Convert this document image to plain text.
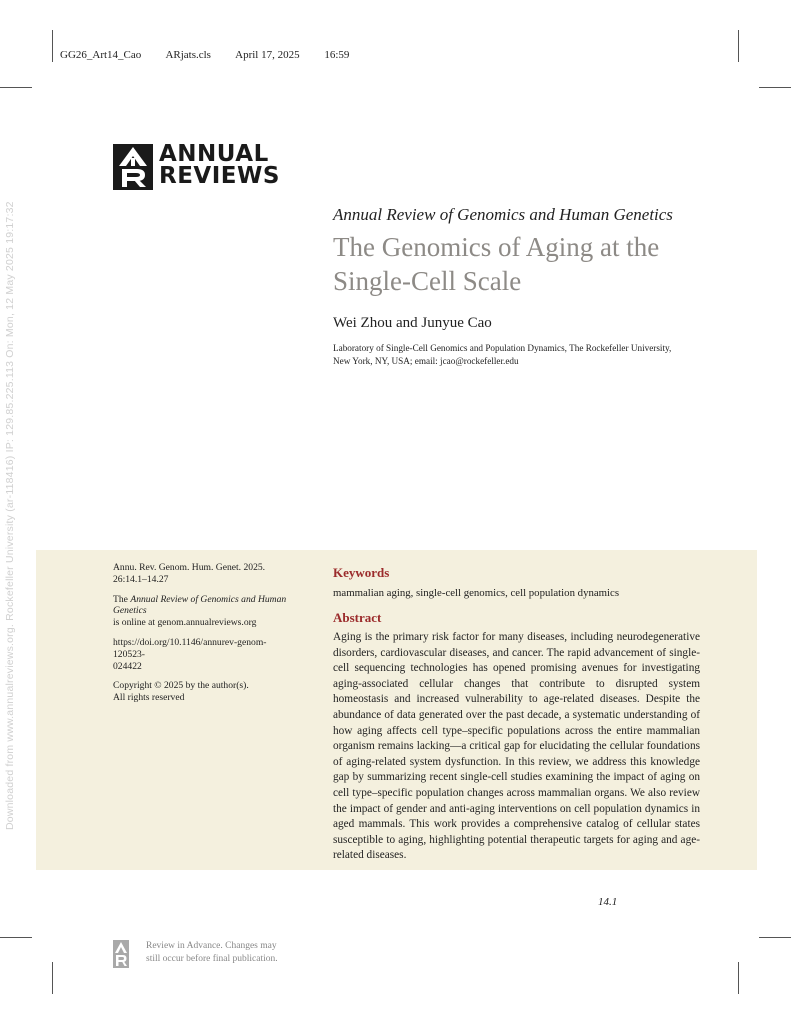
GG26_Art14_Cao ARjats.cls April 17, 2025 16:59
ANNUAL
REVIEWS
Downloaded from www.annualreviews.org. Rockefeller University (ar-118416) IP: 129.85.225.113 On: Mon, 12 May 2025 19:17:32	Annual Review of Genomics and Human Genetics
The Genomics of Aging at the
Single-Cell Scale
Wei Zhou and Junyue Cao
Laboratory of Single-Cell Genomics and Population Dynamics, The Rockefeller University,
New York, NY, USA; email: jcao@rockefeller.edu

Annu. Rev. Genom. Hum. Genet. 2025.
26:14.1–14.27

The Annual Review of Genomics and Human Genetics
is online at genom.annualreviews.org

https://doi.org/10.1146/annurev-genom-120523-
024422

Copyright © 2025 by the author(s).
All rights reserved

Keywords
mammalian aging, single-cell genomics, cell population dynamics
Abstract
Aging is the primary risk factor for many diseases, including neurodegenerative disorders, cardiovascular diseases, and cancer. The rapid advancement of single-cell sequencing technologies has opened promising avenues for investigating aging-associated cellular changes that contribute to disrupted system homeostasis and increased vulnerability to age-related diseases. Despite the abundance of data generated over the past decade, a systematic understanding of how aging affects cell type–specific populations across the entire mammalian organism remains lacking—a critical gap for elucidating the cellular foundations of aging-related system dysfunction. In this review, we address this knowledge gap by summarizing recent single-cell studies examining the impact of aging on cell type–specific population changes across mammalian organs. We also review the impact of gender and anti-aging interventions on cell population dynamics in aged mammals. This work provides a comprehensive catalog of cellular states susceptible to aging, highlighting potential therapeutic targets for aging and age-related diseases.
14.1
Review in Advance. Changes may
still occur before final publication.
